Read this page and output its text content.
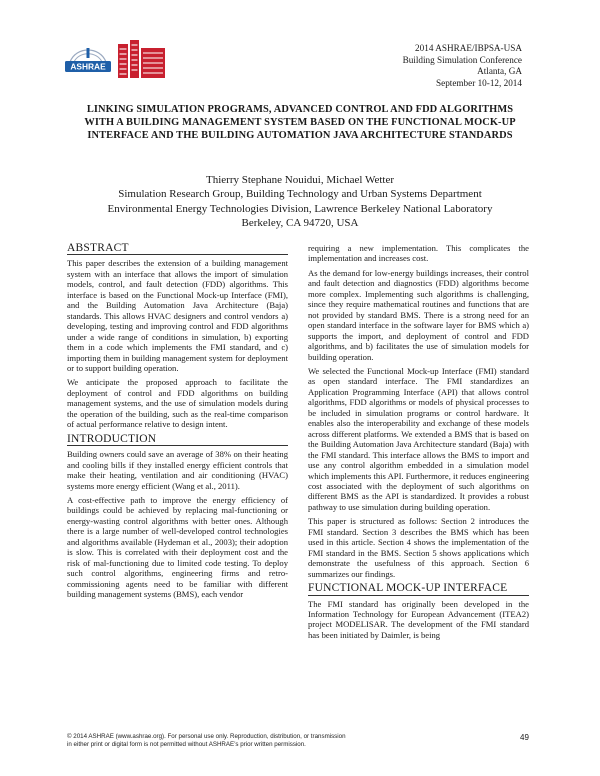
ASHRAE
2014 ASHRAE/IBPSA-USA
Building Simulation Conference
Atlanta, GA
September 10-12, 2014
LINKING SIMULATION PROGRAMS, ADVANCED CONTROL AND FDD ALGORITHMS WITH A BUILDING MANAGEMENT SYSTEM BASED ON THE FUNCTIONAL MOCK-UP INTERFACE AND THE BUILDING AUTOMATION JAVA ARCHITECTURE STANDARDS
Thierry Stephane Nouidui, Michael Wetter
Simulation Research Group, Building Technology and Urban Systems Department
Environmental Energy Technologies Division, Lawrence Berkeley National Laboratory
Berkeley, CA 94720, USA
ABSTRACT

This paper describes the extension of a building management system with an interface that allows the import of simulation models, control, and fault detection (FDD) algorithms. This interface is based on the Functional Mock-up Interface (FMI), and the Building Automation Java Architecture (Baja) standards. This allows HVAC designers and control vendors a) developing, testing and improving control and FDD algorithms under a wide range of conditions in simulation, b) exporting them in a code which implements the FMI standard, and c) importing them in building management system for deployment or to support building operation.

We anticipate the proposed approach to facilitate the deployment of control and FDD algorithms on building management systems, and the use of simulation models during the operation of the building, such as the real-time comparison of actual performance relative to design intent.

INTRODUCTION

Building owners could save an average of 38% on their heating and cooling bills if they installed energy efficient controls that make their heating, ventilation and air conditioning (HVAC) systems more energy efficient (Wang et al., 2011).

A cost-effective path to improve the energy efficiency of buildings could be achieved by replacing mal-functioning or energy-wasting control algorithms with better ones. Although there is a large number of well-developed control technologies and algorithms available (Hydeman et al., 2003); their adoption is slow. This is correlated with their deployment cost and the risk of mal-functioning due to limited code testing. To deploy such control algorithms, engineering firms and retro-commissioning agents need to be familiar with different building management systems (BMS), each vendor

requiring a new implementation. This complicates the implementation and increases cost.

As the demand for low-energy buildings increases, their control and fault detection and diagnostics (FDD) algorithms become more complex. Implementing such algorithms is challenging, since they require mathematical routines and functions that are not provided by standard BMS. There is a strong need for an open standard interface in the software layer for BMS which a) supports the import, and deployment of control and FDD algorithms, and b) facilitates the use of simulation models for building operation.

We selected the Functional Mock-up Interface (FMI) standard as open standard interface. The FMI standardizes an Application Programming Interface (API) that allows control algorithms, FDD algorithms or models of physical processes to be included in simulation programs or control hardware. It enables also the interoperability and exchange of these models across different platforms. We extended a BMS that is based on the Building Automation Java Architecture standard (Baja) with the FMI standard. This interface allows the BMS to import and use any control algorithm embedded in a simulation model which implements this API. Furthermore, it reduces engineering cost associated with the deployment of such algorithms on different BMS as the API is standardized. It provides a robust pathway to use simulation during building operation.

This paper is structured as follows: Section 2 introduces the FMI standard. Section 3 describes the BMS which has been used in this article. Section 4 shows the implementation of the FMI standard in the BMS. Section 5 shows applications which demonstrate the usefulness of this approach. Section 6 summarizes our findings.

FUNCTIONAL MOCK-UP INTERFACE

The FMI standard has originally been developed in the Information Technology for European Advancement (ITEA2) project MODELISAR. The development of the FMI standard has been initiated by Daimler, is being

© 2014 ASHRAE (www.ashrae.org). For personal use only. Reproduction, distribution, or transmission
in either print or digital form is not permitted without ASHRAE’s prior written permission.
49
